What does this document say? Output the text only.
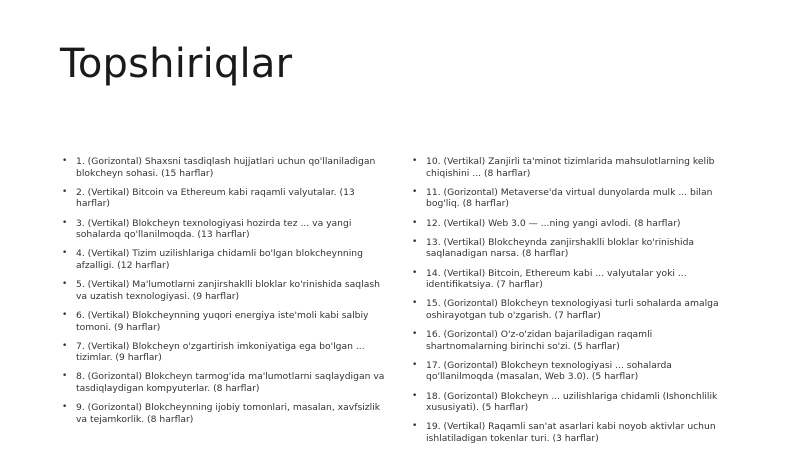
Topshiriqlar
• 1. (Gorizontal) Shaxsni tasdiqlash hujjatlari uchun qo'llaniladigan blokcheyn sohasi. (15 harflar)
• 2. (Vertikal) Bitcoin va Ethereum kabi raqamli valyutalar. (13 harflar)
• 3. (Vertikal) Blokcheyn texnologiyasi hozirda tez ... va yangi sohalarda qo'llanilmoqda. (13 harflar)
• 4. (Vertikal) Tizim uzilishlariga chidamli bo'lgan blokcheynning afzalligi. (12 harflar)
• 5. (Vertikal) Ma'lumotlarni zanjirshaklli bloklar ko'rinishida saqlash va uzatish texnologiyasi. (9 harflar)
• 6. (Vertikal) Blokcheynning yuqori energiya iste'moli kabi salbiy tomoni. (9 harflar)
• 7. (Vertikal) Blokcheyn o'zgartirish imkoniyatiga ega bo'lgan ... tizimlar. (9 harflar)
• 8. (Gorizontal) Blokcheyn tarmog'ida ma'lumotlarni saqlaydigan va tasdiqlaydigan kompyuterlar. (8 harflar)
• 9. (Gorizontal) Blokcheynning ijobiy tomonlari, masalan, xavfsizlik va tejamkorlik. (8 harflar)
• 10. (Vertikal) Zanjirli ta'minot tizimlarida mahsulotlarning kelib chiqishini ... (8 harflar)
• 11. (Gorizontal) Metaverse'da virtual dunyolarda mulk ... bilan bog'liq. (8 harflar)
• 12. (Vertikal) Web 3.0 — ...ning yangi avlodi. (8 harflar)
• 13. (Vertikal) Blokcheynda zanjirshaklli bloklar ko'rinishida saqlanadigan narsa. (8 harflar)
• 14. (Vertikal) Bitcoin, Ethereum kabi ... valyutalar yoki ... identifikatsiya. (7 harflar)
• 15. (Gorizontal) Blokcheyn texnologiyasi turli sohalarda amalga oshirayotgan tub o'zgarish. (7 harflar)
• 16. (Gorizontal) O'z-o'zidan bajariladigan raqamli shartnomalarning birinchi so'zi. (5 harflar)
• 17. (Gorizontal) Blokcheyn texnologiyasi ... sohalarda qo'llanilmoqda (masalan, Web 3.0). (5 harflar)
• 18. (Gorizontal) Blokcheyn ... uzilishlariga chidamli (Ishonchlilik xususiyati). (5 harflar)
• 19. (Vertikal) Raqamli san'at asarlari kabi noyob aktivlar uchun ishlatiladigan tokenlar turi. (3 harflar)
